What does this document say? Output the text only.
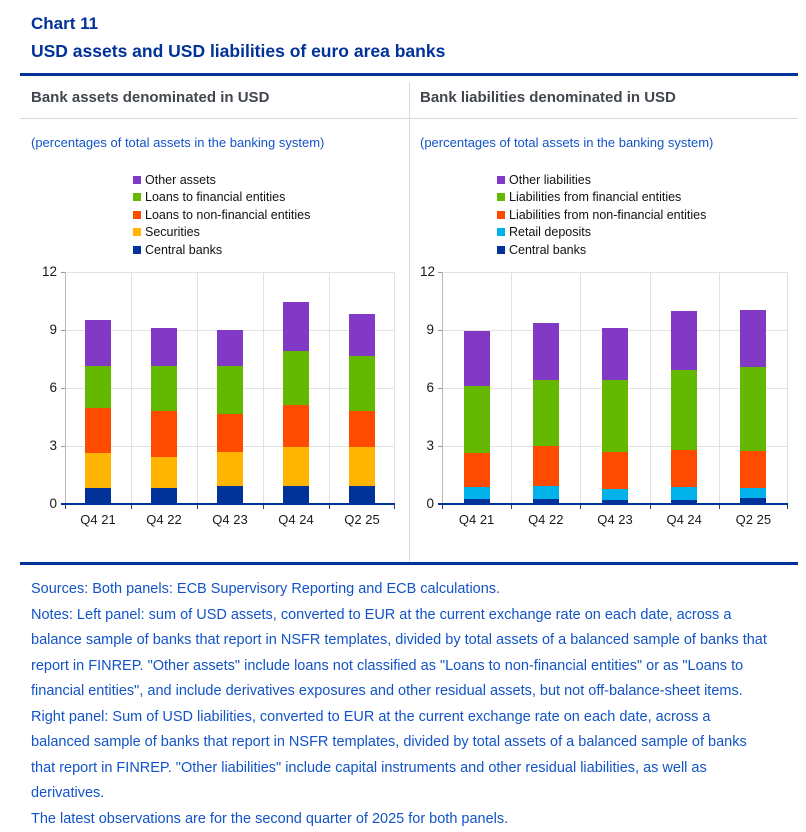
Chart 11
USD assets and USD liabilities of euro area banks
Bank assets denominated in USD
(percentages of total assets in the banking system)
Other assets
Loans to financial entities
Loans to non-financial entities
Securities
Central banks
0
3
6
9
12
Q4 21	Q4 22	Q4 23	Q4 24	Q2 25
Bank liabilities denominated in USD
(percentages of total assets in the banking system)
Other liabilities
Liabilities from financial entities
Liabilities from non-financial entities
Retail deposits
Central banks
0
3
6
9
12
Q4 21	Q4 22	Q4 23	Q4 24	Q2 25

Sources: Both panels: ECB Supervisory Reporting and ECB calculations.

Notes: Left panel: sum of USD assets, converted to EUR at the current exchange rate on each date, across a balance sample of banks that report in NSFR templates, divided by total assets of a balanced sample of banks that report in FINREP. "Other assets" include loans not classified as "Loans to non-financial entities" or as "Loans to financial entities", and include derivatives exposures and other residual assets, but not off-balance-sheet items.

Right panel: Sum of USD liabilities, converted to EUR at the current exchange rate on each date, across a balanced sample of banks that report in NSFR templates, divided by total assets of a balanced sample of banks that report in FINREP. "Other liabilities" include capital instruments and other residual liabilities, as well as derivatives.

The latest observations are for the second quarter of 2025 for both panels.
